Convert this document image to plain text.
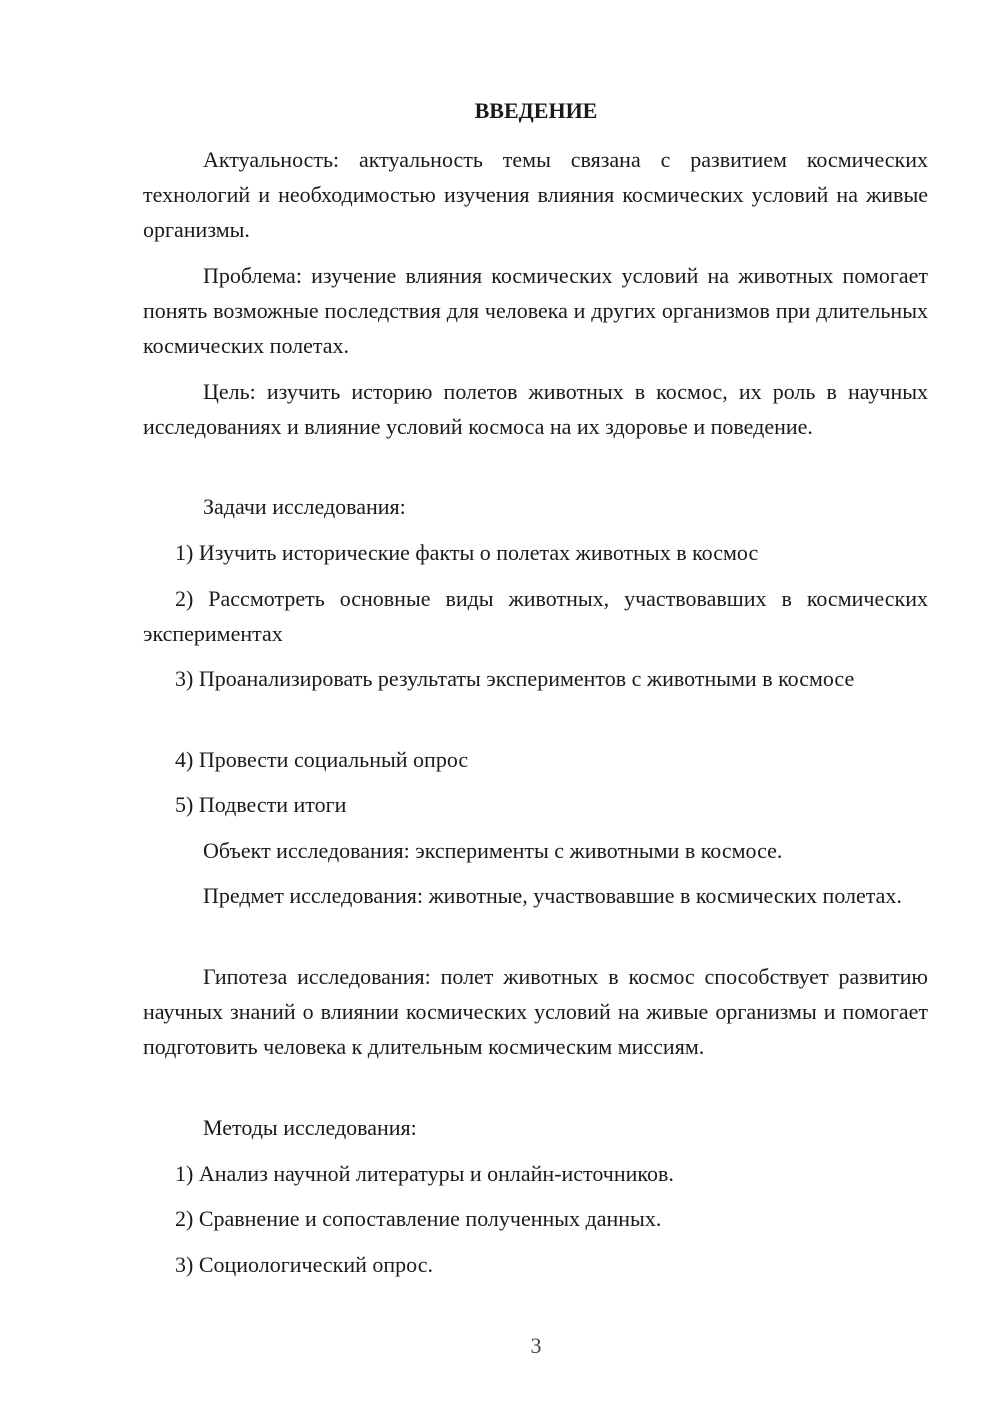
ВВЕДЕНИЕ

Актуальность: актуальность темы связана с развитием космических технологий и необходимостью изучения влияния космических условий на живые организмы.

Проблема: изучение влияния космических условий на животных помогает понять возможные последствия для человека и других организмов при длительных космических полетах.

Цель: изучить историю полетов животных в космос, их роль в научных исследованиях и влияние условий космоса на их здоровье и поведение.

Задачи исследования:

1) Изучить исторические факты о полетах животных в космос

2) Рассмотреть основные виды животных, участвовавших в космических экспериментах

3) Проанализировать результаты экспериментов с животными в космосе

4) Провести социальный опрос

5) Подвести итоги

Объект исследования: эксперименты с животными в космосе.

Предмет исследования: животные, участвовавшие в космических полетах.

Гипотеза исследования: полет животных в космос способствует развитию научных знаний о влиянии космических условий на живые организмы и помогает подготовить человека к длительным космическим миссиям.

Методы исследования:

1) Анализ научной литературы и онлайн-источников.

2) Сравнение и сопоставление полученных данных.

3) Социологический опрос.

3
